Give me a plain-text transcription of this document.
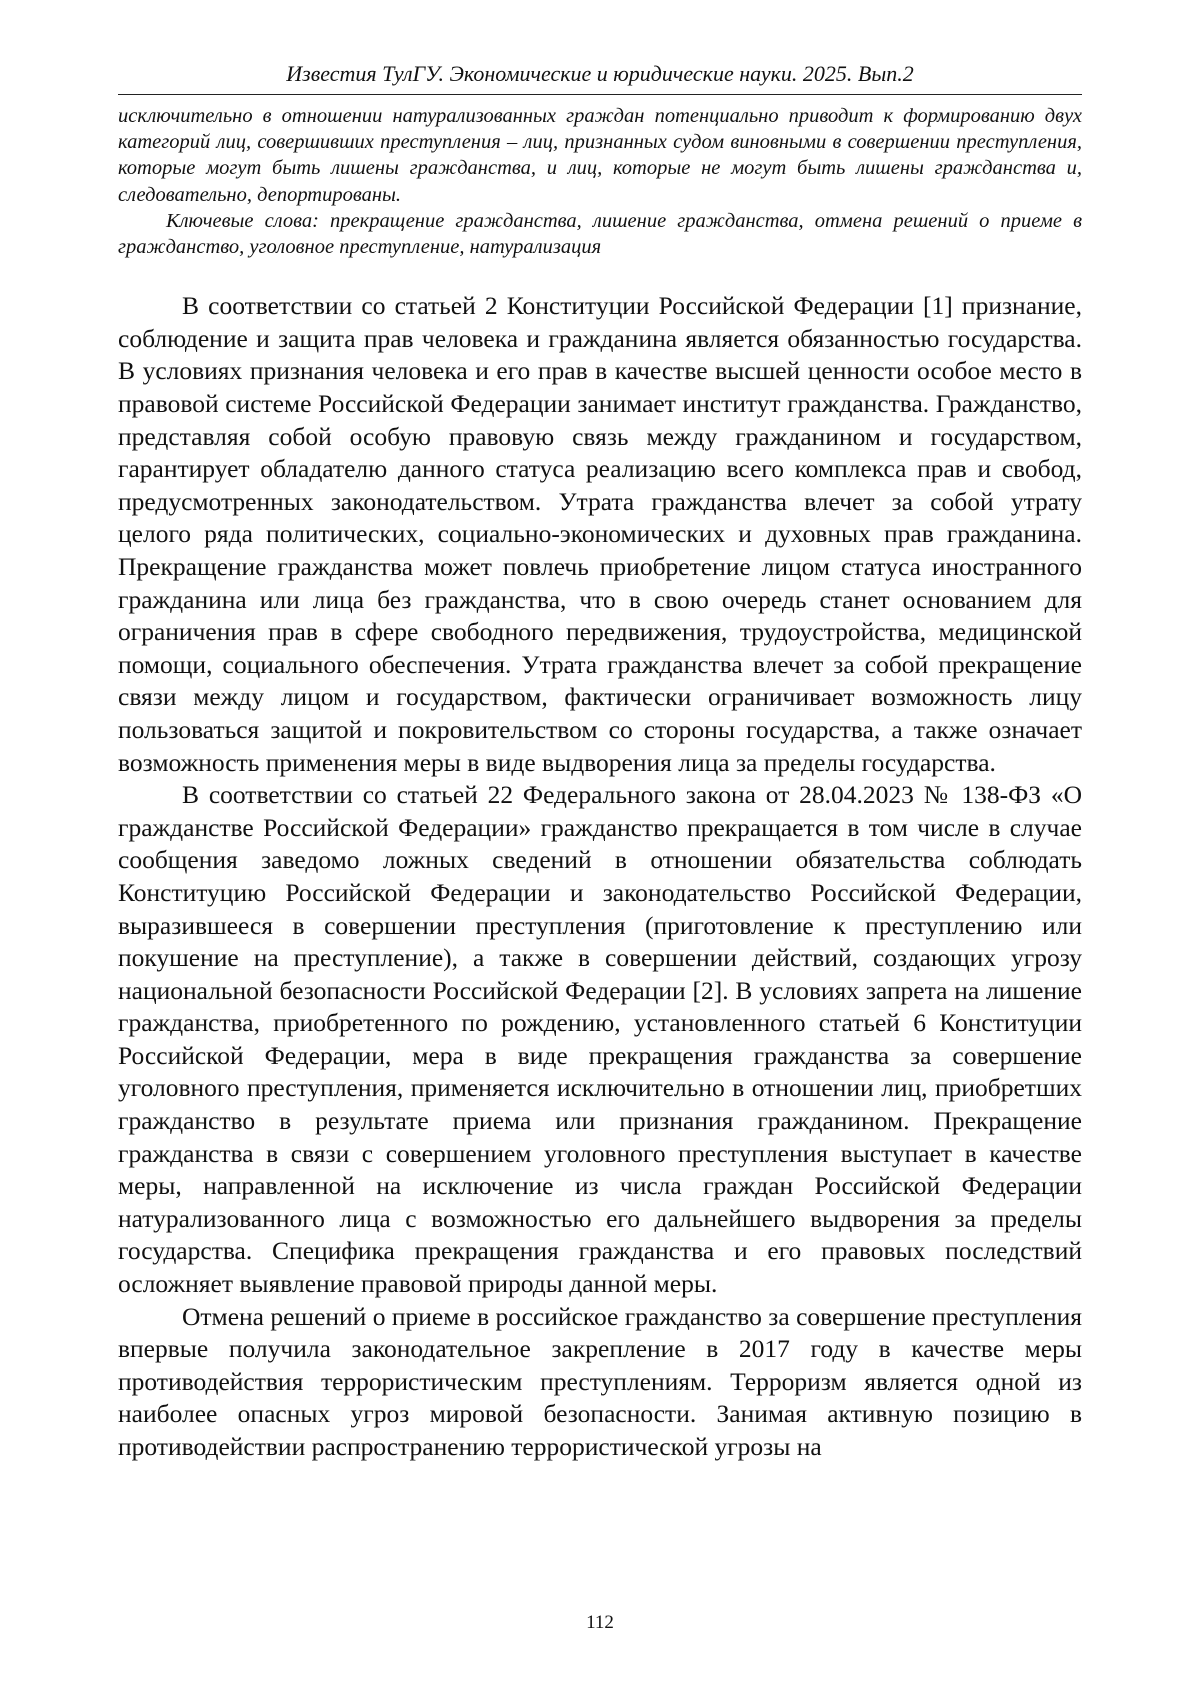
Известия ТулГУ. Экономические и юридические науки. 2025. Вып.2

исключительно в отношении натурализованных граждан потенциально приводит к формированию двух категорий лиц, совершивших преступления – лиц, признанных судом виновными в совершении преступления, которые могут быть лишены гражданства, и лиц, которые не могут быть лишены гражданства и, следовательно, депортированы.

Ключевые слова: прекращение гражданства, лишение гражданства, отмена решений о приеме в гражданство, уголовное преступление, натурализация

В соответствии со статьей 2 Конституции Российской Федерации [1] признание, соблюдение и защита прав человека и гражданина является обязанностью государства. В условиях признания человека и его прав в качестве высшей ценности особое место в правовой системе Российской Федерации занимает институт гражданства. Гражданство, представляя собой особую правовую связь между гражданином и государством, гарантирует обладателю данного статуса реализацию всего комплекса прав и свобод, предусмотренных законодательством. Утрата гражданства влечет за собой утрату целого ряда политических, социально-экономических и духовных прав гражданина. Прекращение гражданства может повлечь приобретение лицом статуса иностранного гражданина или лица без гражданства, что в свою очередь станет основанием для ограничения прав в сфере свободного передвижения, трудоустройства, медицинской помощи, социального обеспечения. Утрата гражданства влечет за собой прекращение связи между лицом и государством, фактически ограничивает возможность лицу пользоваться защитой и покровительством со стороны государства, а также означает возможность применения меры в виде выдворения лица за пределы государства.

В соответствии со статьей 22 Федерального закона от 28.04.2023 № 138-ФЗ «О гражданстве Российской Федерации» гражданство прекращается в том числе в случае сообщения заведомо ложных сведений в отношении обязательства соблюдать Конституцию Российской Федерации и законодательство Российской Федерации, выразившееся в совершении преступления (приготовление к преступлению или покушение на преступление), а также в совершении действий, создающих угрозу национальной безопасности Российской Федерации [2]. В условиях запрета на лишение гражданства, приобретенного по рождению, установленного статьей 6 Конституции Российской Федерации, мера в виде прекращения гражданства за совершение уголовного преступления, применяется исключительно в отношении лиц, приобретших гражданство в результате приема или признания гражданином. Прекращение гражданства в связи с совершением уголовного преступления выступает в качестве меры, направленной на исключение из числа граждан Российской Федерации натурализованного лица с возможностью его дальнейшего выдворения за пределы государства. Специфика прекращения гражданства и его правовых последствий осложняет выявление правовой природы данной меры.

Отмена решений о приеме в российское гражданство за совершение преступления впервые получила законодательное закрепление в 2017 году в качестве меры противодействия террористическим преступлениям. Терроризм является одной из наиболее опасных угроз мировой безопасности. Занимая активную позицию в противодействии распространению террористической угрозы на

112
